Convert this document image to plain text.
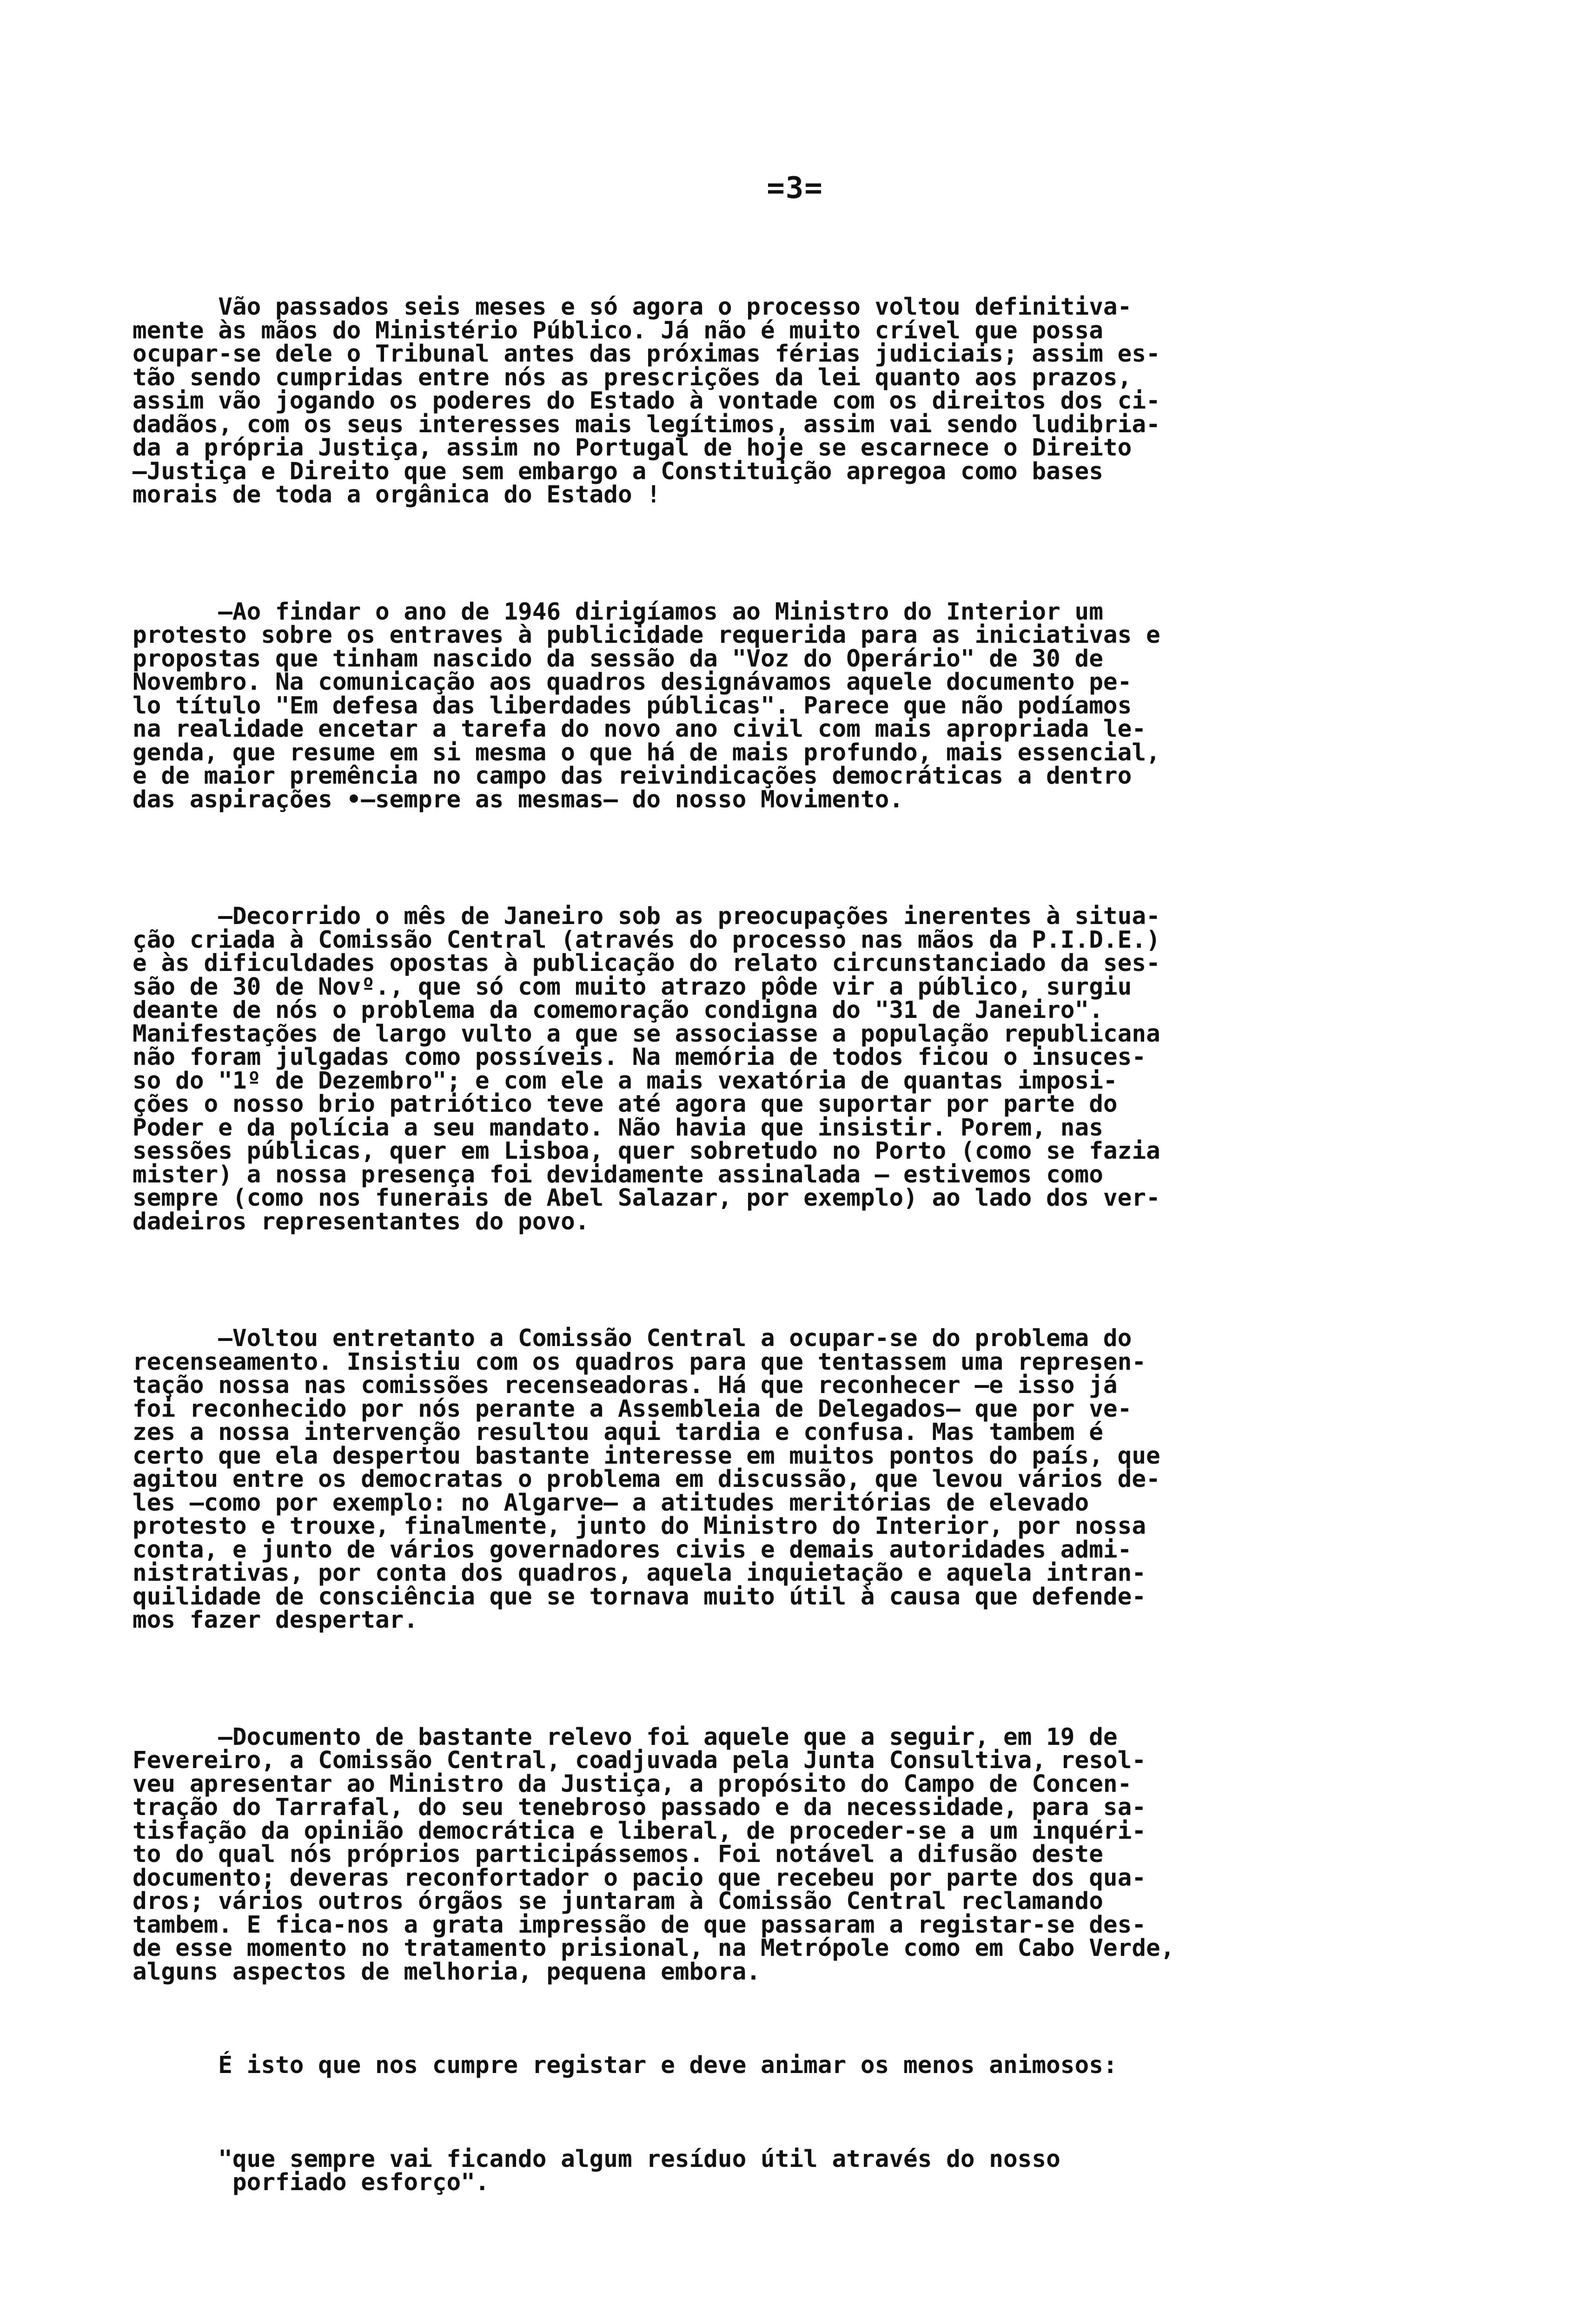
=3=

Vão passados seis meses e só agora o processo voltou definitiva-
mente às mãos do Ministério Público. Já não é muito crível que possa
ocupar-se dele o Tribunal antes das próximas férias judiciais; assim es-
tão sendo cumpridas entre nós as prescrições da lei quanto aos prazos,
assim vão jogando os poderes do Estado à vontade com os direitos dos ci-
dadãos, com os seus interesses mais legítimos, assim vai sendo ludibria-
da a própria Justiça, assim no Portugal de hoje se escarnece o Direito
—Justiça e Direito que sem embargo a Constituição apregoa como bases
morais de toda a orgânica do Estado !

—Ao findar o ano de 1946 dirigíamos ao Ministro do Interior um
protesto sobre os entraves à publicidade requerida para as iniciativas e
propostas que tinham nascido da sessão da "Voz do Operário" de 30 de
Novembro. Na comunicação aos quadros designávamos aquele documento pe-
lo título "Em defesa das liberdades públicas". Parece que não podíamos
na realidade encetar a tarefa do novo ano civil com mais apropriada le-
genda, que resume em si mesma o que há de mais profundo, mais essencial,
e de maior premência no campo das reivindicações democráticas a dentro
das aspirações •—sempre as mesmas— do nosso Movimento.

—Decorrido o mês de Janeiro sob as preocupações inerentes à situa-
ção criada à Comissão Central (através do processo nas mãos da P.I.D.E.)
e às dificuldades opostas à publicação do relato circunstanciado da ses-
são de 30 de Novº., que só com muito atrazo pôde vir a público, surgiu
deante de nós o problema da comemoração condigna do "31 de Janeiro".
Manifestações de largo vulto a que se associasse a população republicana
não foram julgadas como possíveis. Na memória de todos ficou o insuces-
so do "1º de Dezembro"; e com ele a mais vexatória de quantas imposi-
ções o nosso brio patriótico teve até agora que suportar por parte do
Poder e da polícia a seu mandato. Não havia que insistir. Porem, nas
sessões públicas, quer em Lisboa, quer sobretudo no Porto (como se fazia
mister) a nossa presença foi devidamente assinalada — estivemos como
sempre (como nos funerais de Abel Salazar, por exemplo) ao lado dos ver-
dadeiros representantes do povo.

—Voltou entretanto a Comissão Central a ocupar-se do problema do
recenseamento. Insistiu com os quadros para que tentassem uma represen-
tação nossa nas comissões recenseadoras. Há que reconhecer —e isso já
foi reconhecido por nós perante a Assembleia de Delegados— que por ve-
zes a nossa intervenção resultou aqui tardia e confusa. Mas tambem é
certo que ela despertou bastante interesse em muitos pontos do país, que
agitou entre os democratas o problema em discussão, que levou vários de-
les —como por exemplo: no Algarve— a atitudes meritórias de elevado
protesto e trouxe, finalmente, junto do Ministro do Interior, por nossa
conta, e junto de vários governadores civis e demais autoridades admi-
nistrativas, por conta dos quadros, aquela inquietação e aquela intran-
quilidade de consciência que se tornava muito útil à causa que defende-
mos fazer despertar.

—Documento de bastante relevo foi aquele que a seguir, em 19 de
Fevereiro, a Comissão Central, coadjuvada pela Junta Consultiva, resol-
veu apresentar ao Ministro da Justiça, a propósito do Campo de Concen-
tração do Tarrafal, do seu tenebroso passado e da necessidade, para sa-
tisfação da opinião democrática e liberal, de proceder-se a um inquéri-
to do qual nós próprios participássemos. Foi notável a difusão deste
documento; deveras reconfortador o pacio que recebeu por parte dos qua-
dros; vários outros órgãos se juntaram à Comissão Central reclamando
tambem. E fica-nos a grata impressão de que passaram a registar-se des-
de esse momento no tratamento prisional, na Metrópole como em Cabo Verde,
alguns aspectos de melhoria, pequena embora.

É isto que nos cumpre registar e deve animar os menos animosos:

"que sempre vai ficando algum resíduo útil através do nosso
porfiado esforço".
